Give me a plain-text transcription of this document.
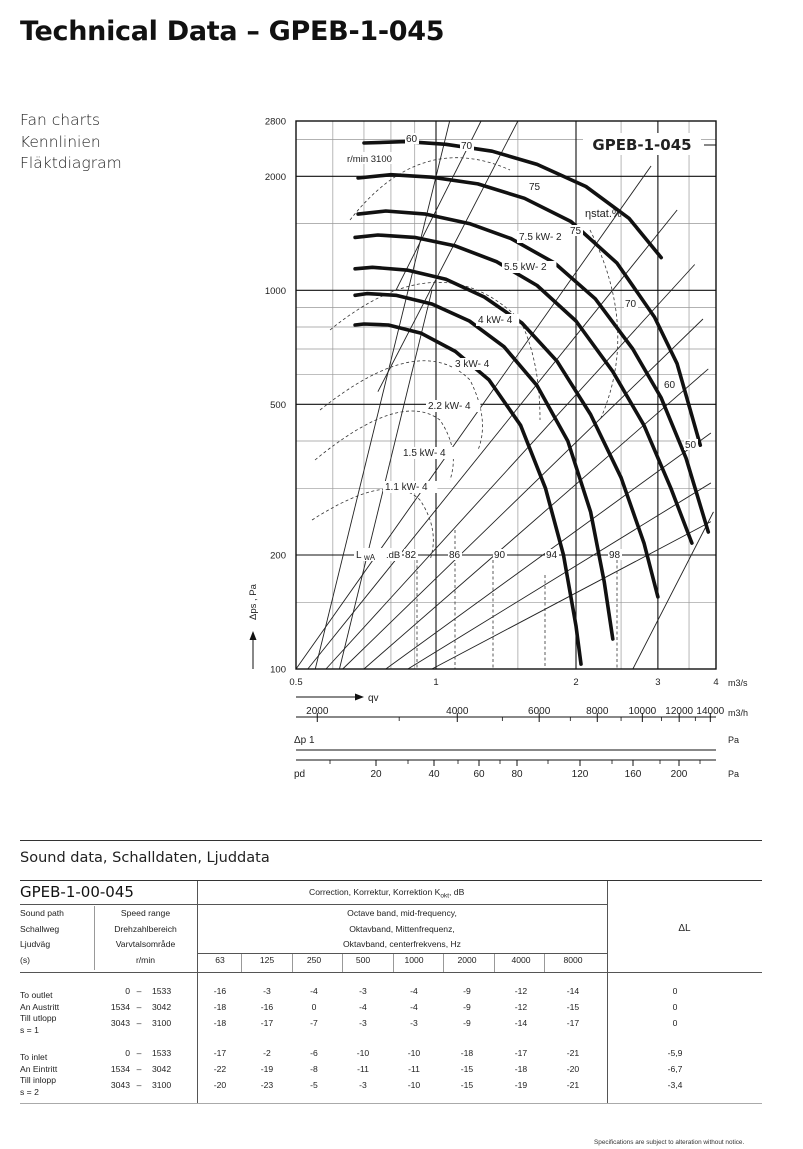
Technical Data – GPEB-1-045
Fan charts
Kennlinien
Fläktdiagram
0.5	1	2	3	4
100
200
500
1000
2000
2800
m3/s
qv
Δps , Pa
2000	4000	6000	8000 10000 12000 14000 m3/h
Δp 1	Pa
20	40	60	80	120	160	200
pd	Pa
7.5 kW- 2
5.5 kW- 2
4 kW- 4
3 kW- 4
2.2 kW- 4
1.5 kW- 4
1.1 kW- 4
GPEB-1-045
r/min 3100
ηstat.%
60
70
75
75
70
60
50
L wA .dB 82	86	90	94	98
Sound data, Schalldaten, Ljuddata
GPEB-1-00-045	Correction, Korrektur, Korrektion $K_{okt}$, dB
Sound path
Schallweg
Ljudväg
(s)
Speed range
Drehzahlbereich
Varvtalsområde
r/min
Octave band, mid-frequency,
Oktavband, Mittenfrequenz,
Oktavband, centerfrekvens, Hz
ΔL
63	125	250	500	1000	2000	4000	8000
To outlet
An Austritt
Till utlopp
s = 1
0 –	1533	-16	-3	-4	-3	-4	-9	-12	-14	0
1534 –	3042	-18	-16	0	-4	-4	-9	-12	-15	0
3043 –	3100	-18	-17	-7	-3	-3	-9	-14	-17	0
To inlet
An Eintritt
Till inlopp
s = 2
0 –	1533	-17	-2	-6	-10	-10	-18	-17	-21	-5,9
1534 –	3042	-22	-19	-8	-11	-11	-15	-18	-20	-6,7
3043 –	3100	-20	-23	-5	-3	-10	-15	-19	-21	-3,4
Specifications are subject to alteration without notice.
